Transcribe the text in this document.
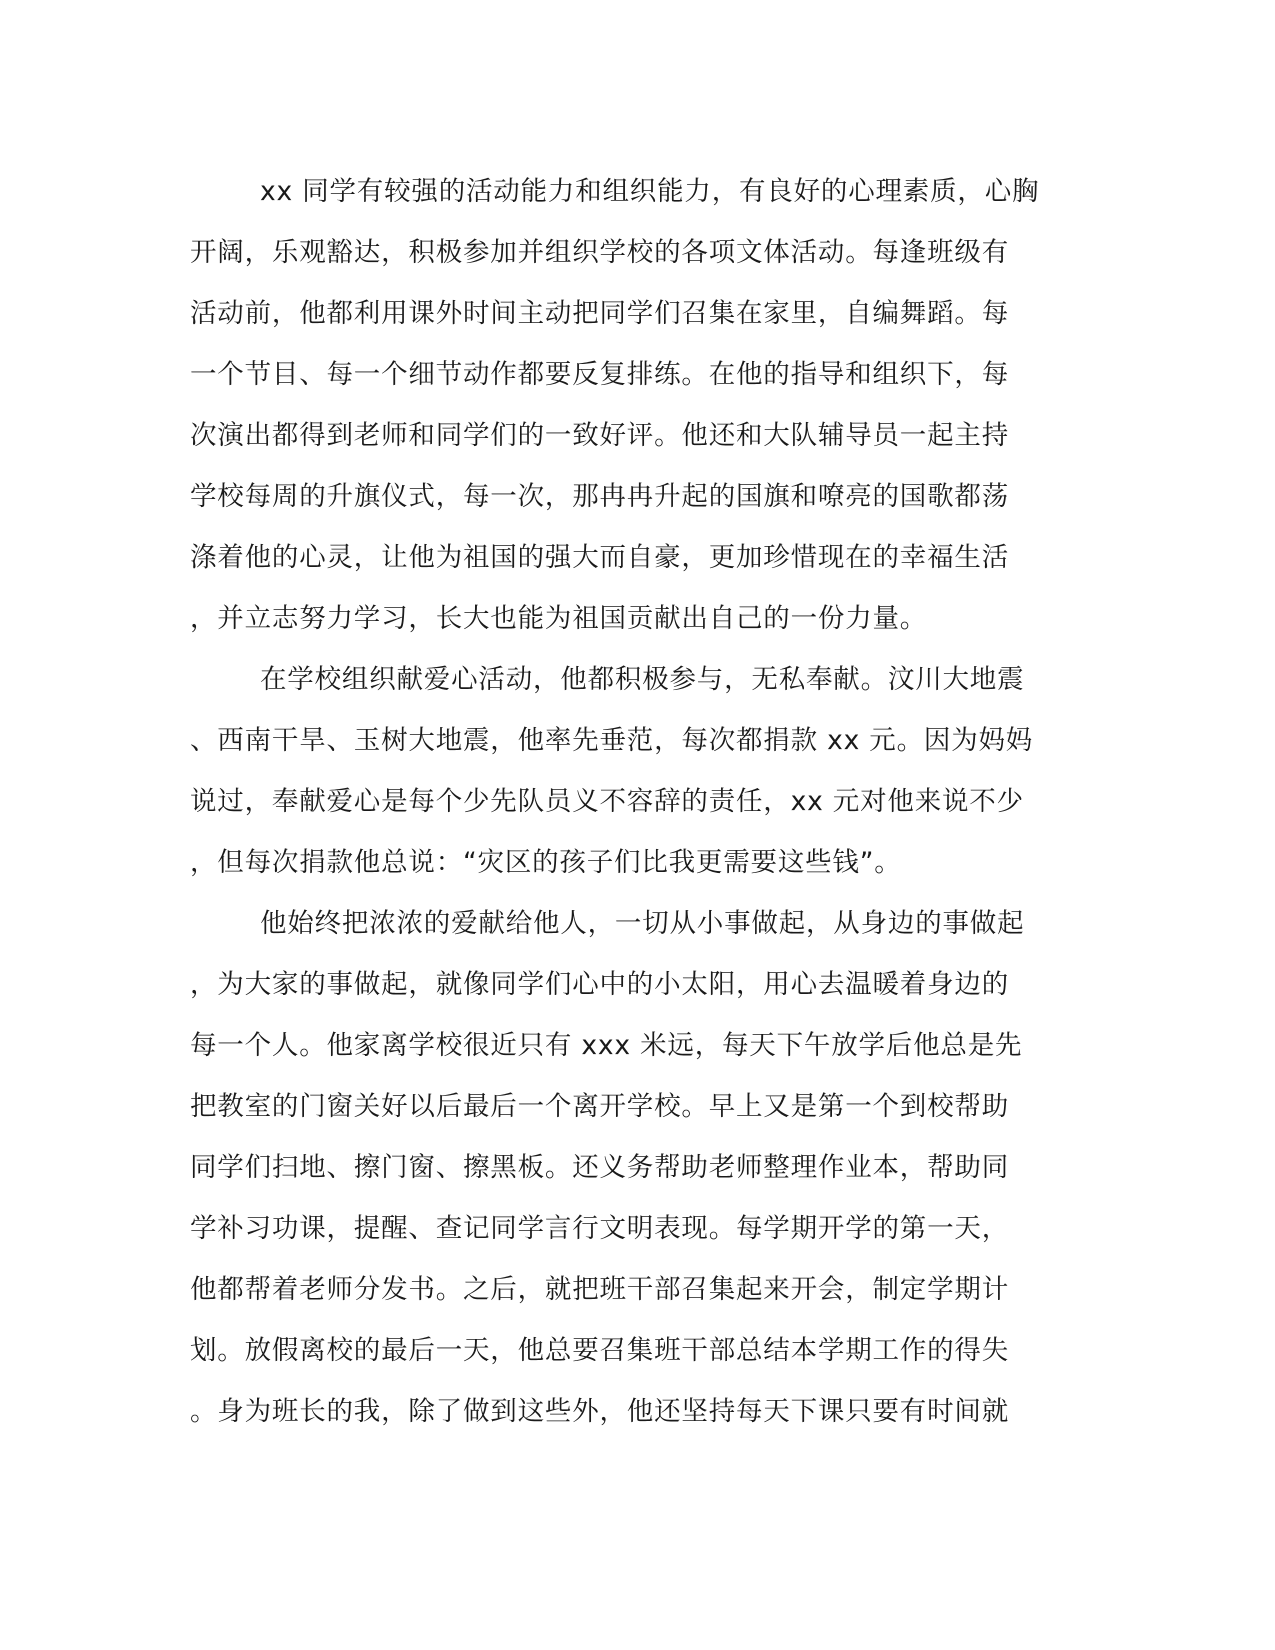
xx 同学有较强的活动能力和组织能力，有良好的心理素质，心胸
开阔，乐观豁达，积极参加并组织学校的各项文体活动。每逢班级有
活动前，他都利用课外时间主动把同学们召集在家里，自编舞蹈。每
一个节目、每一个细节动作都要反复排练。在他的指导和组织下，每
次演出都得到老师和同学们的一致好评。他还和大队辅导员一起主持
学校每周的升旗仪式，每一次，那冉冉升起的国旗和嘹亮的国歌都荡
涤着他的心灵，让他为祖国的强大而自豪，更加珍惜现在的幸福生活
，并立志努力学习，长大也能为祖国贡献出自己的一份力量。
在学校组织献爱心活动，他都积极参与，无私奉献。汶川大地震
、西南干旱、玉树大地震，他率先垂范，每次都捐款 xx 元。因为妈妈
说过，奉献爱心是每个少先队员义不容辞的责任，xx 元对他来说不少
，但每次捐款他总说：“灾区的孩子们比我更需要这些钱”。
他始终把浓浓的爱献给他人，一切从小事做起，从身边的事做起
，为大家的事做起，就像同学们心中的小太阳，用心去温暖着身边的
每一个人。他家离学校很近只有 xxx 米远，每天下午放学后他总是先
把教室的门窗关好以后最后一个离开学校。早上又是第一个到校帮助
同学们扫地、擦门窗、擦黑板。还义务帮助老师整理作业本，帮助同
学补习功课，提醒、查记同学言行文明表现。每学期开学的第一天，
他都帮着老师分发书。之后，就把班干部召集起来开会，制定学期计
划。放假离校的最后一天，他总要召集班干部总结本学期工作的得失
。身为班长的我，除了做到这些外，他还坚持每天下课只要有时间就
